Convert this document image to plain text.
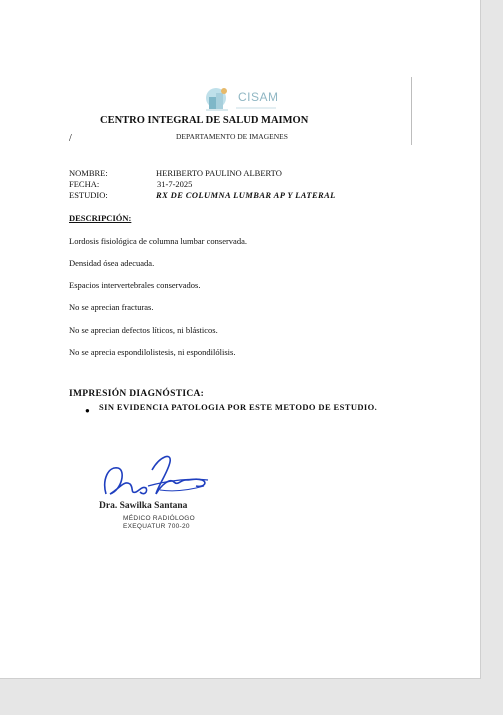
CISAM
CENTRO INTEGRAL DE SALUD MAIMON
DEPARTAMENTO DE IMAGENES
/
NOMBRE:	HERIBERTO PAULINO ALBERTO
FECHA:	31-7-2025
ESTUDIO:	RX DE COLUMNA LUMBAR AP Y LATERAL
DESCRIPCIÓN:
Lordosis fisiológica de columna lumbar conservada.
Densidad ósea adecuada.
Espacios intervertebrales conservados.
No se aprecian fracturas.
No se aprecian defectos líticos, ni blásticos.
No se aprecia espondilolistesis, ni espondilólisis.
IMPRESIÓN DIAGNÓSTICA:
● SIN EVIDENCIA PATOLOGIA POR ESTE METODO DE ESTUDIO.
Dra. Sawilka Santana
MÉDICO RADIÓLOGO
EXEQUATUR 700-20
